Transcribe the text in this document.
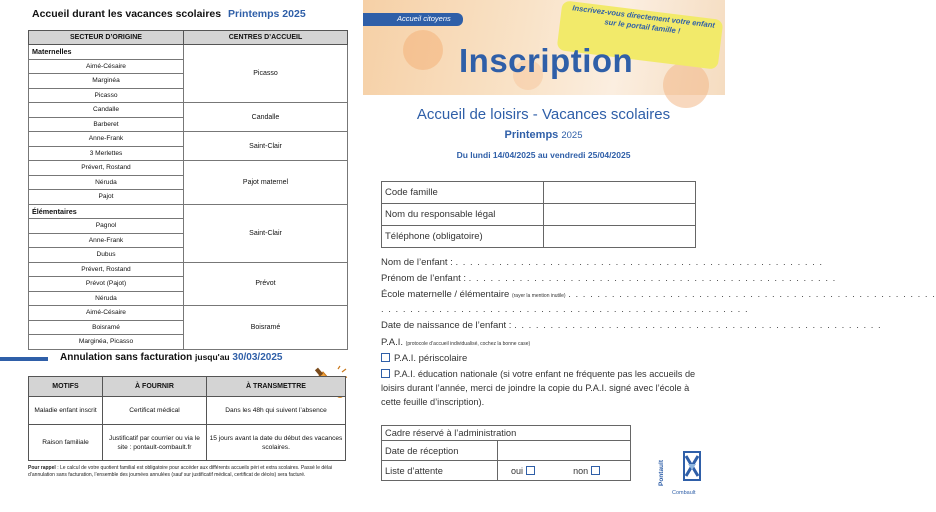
Accueil durant les vacances scolaires Printemps 2025
SECTEUR D’ORIGINE	CENTRES D’ACCUEIL
Maternelles	Picasso
Aimé-Césaire	
Marginéa	
Picasso	
Candalle	Candalle
Barberet	
Anne-Frank	Saint-Clair
3 Merlettes	
Prévert, Rostand	Pajot maternel
Néruda	
Pajot	
Élémentaires	Saint-Clair
Pagnol	
Anne-Frank	
Dubus	
Prévert, Rostand	Prévot
Prévot (Pajot)	
Néruda	
Aimé-Césaire	Boisramé
Boisramé	
Marginéa, Picasso	
Annulation sans facturation jusqu'au 30/03/2025
MOTIFS	À FOURNIR	À TRANSMETTRE
Maladie enfant inscrit	Certificat médical	Dans les 48h qui suivent l’absence
Raison familiale	Justificatif par courrier ou via le site : pontault-combault.fr	15 jours avant la date du début des vacances scolaires.
Pour rappel : Le calcul de votre quotient familial est obligatoire pour accéder aux différents accueils péri et extra scolaires. Passé le délai d’annulation sans facturation, l’ensemble des journées annulées (sauf sur justificatif médical, certificat de décès) sera facturé.
Accueil citoyens	Inscrivez-vous directement votre enfant sur le portail famille !
Inscription
Accueil de loisirs - Vacances scolaires
Printemps 2025
Du lundi 14/04/2025 au vendredi 25/04/2025
Code famille	
Nom du responsable légal	
Téléphone (obligatoire)	
Nom de l’enfant : . . . . . . . . . . . . . . . . . . . . . . . . . . . . . . . . . . . . . . . . . . . . . . . . . . .
Prénom de l’enfant : . . . . . . . . . . . . . . . . . . . . . . . . . . . . . . . . . . . . . . . . . . . . . . . . . . .
École maternelle / élémentaire (rayer la mention inutile) . . . . . . . . . . . . . . . . . . . . . . . . . . . . . . . . . . . . . . . . . . . . . . . . . . .
. . . . . . . . . . . . . . . . . . . . . . . . . . . . . . . . . . . . . . . . . . . . . . . . . . .
Date de naissance de l’enfant : . . . . . . . . . . . . . . . . . . . . . . . . . . . . . . . . . . . . . . . . . . . . . . . . . . .
P.A.I. (protocole d’accueil individualisé, cochez la bonne case)
P.A.I. périscolaire
P.A.I. éducation nationale (si votre enfant ne fréquente pas les accueils de loisirs durant l’année, merci de joindre la copie du P.A.I. signé avec l’école à cette feuille d’inscription).
Cadre réservé à l’administration	
Date de réception	
Liste d’attente	oui non	Pontault
Combault
